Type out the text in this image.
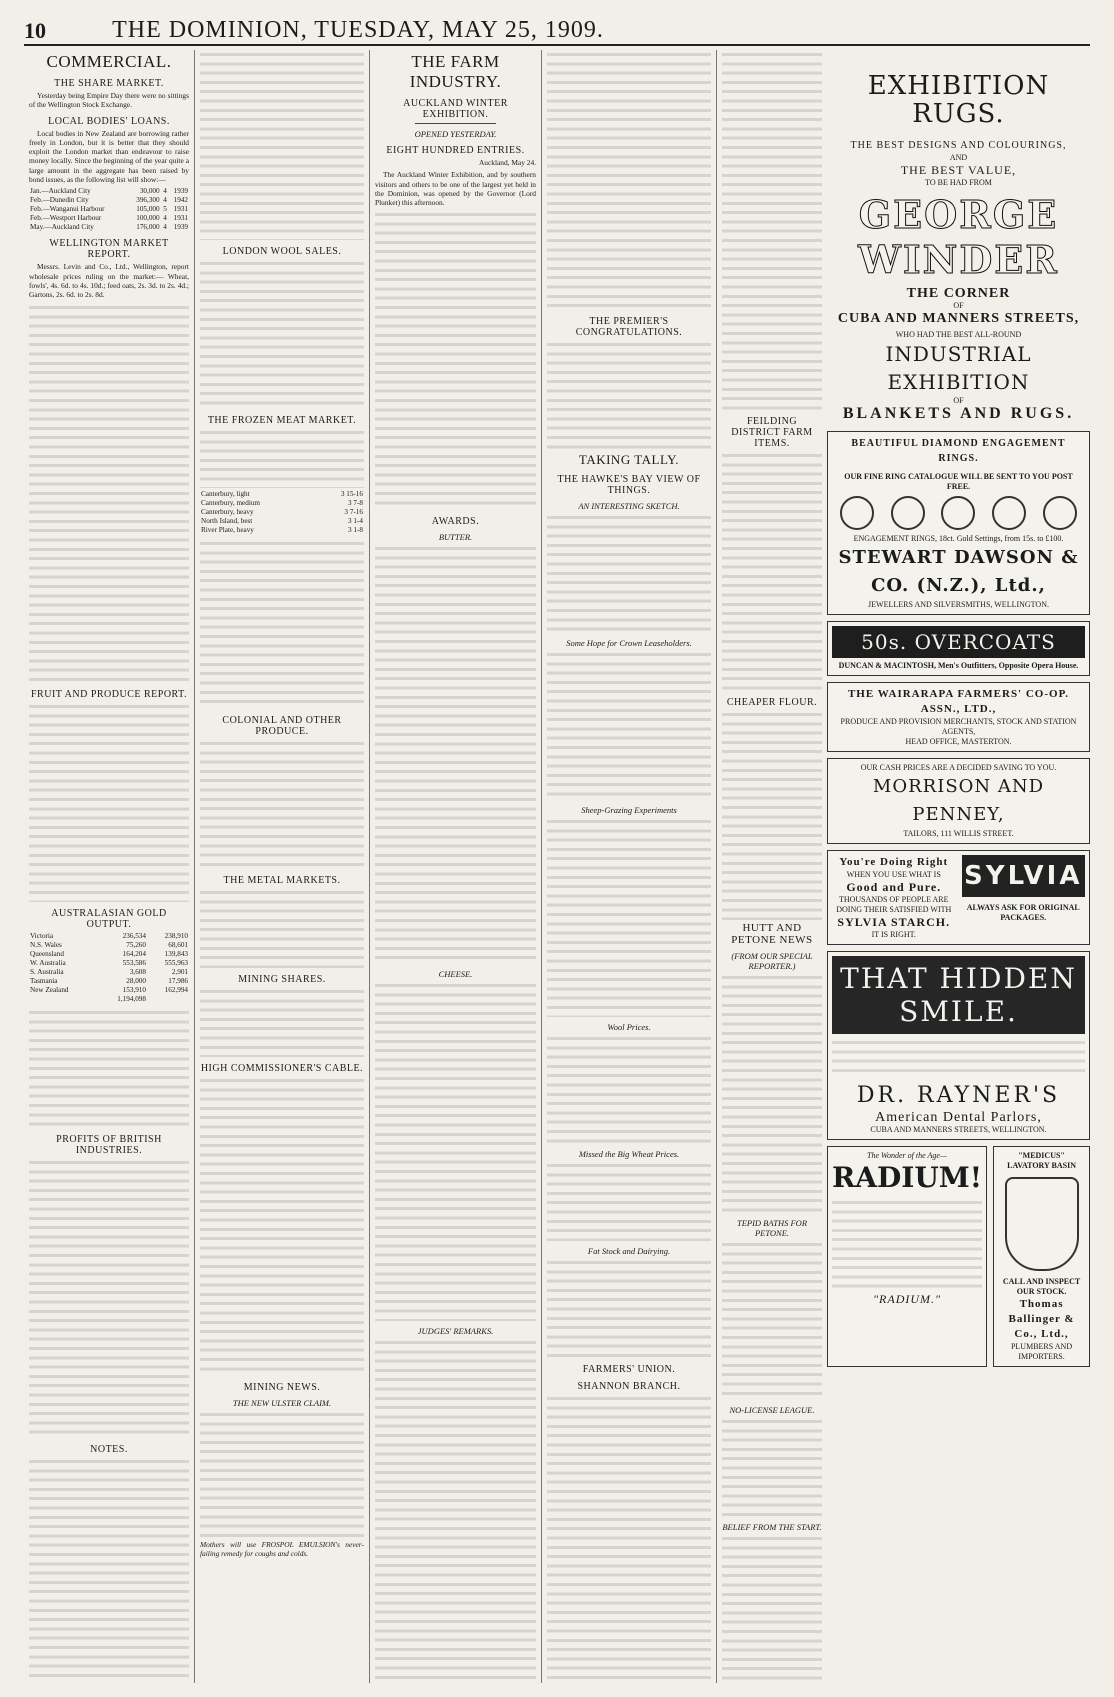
10	THE DOMINION, TUESDAY, MAY 25, 1909.
COMMERCIAL.
THE SHARE MARKET.

Yesterday being Empire Day there were no sittings of the Wellington Stock Exchange.

LOCAL BODIES' LOANS.

Local bodies in New Zealand are borrowing rather freely in London, but it is better that they should exploit the London market than endeavour to raise money locally. Since the beginning of the year quite a large amount in the aggregate has been raised by bond issues, as the following list will show:—

Jan.—Auckland City	30,000	4	1939
Feb.—Dunedin City	396,300	4	1942
Feb.—Wanganui Harbour	105,000	5	1931
Feb.—Westport Harbour	100,000	4	1931
May.—Auckland City	176,000	4	1939
WELLINGTON MARKET REPORT.

Messrs. Levin and Co., Ltd., Wellington, report wholesale prices ruling on the market:— Wheat, fowls', 4s. 6d. to 4s. 10d.; feed oats, 2s. 3d. to 2s. 4d.; Gartons, 2s. 6d. to 2s. 8d.

FRUIT AND PRODUCE REPORT.
AUSTRALASIAN GOLD OUTPUT.
Victoria	236,534	238,910
N.S. Wales	75,260	68,601
Queensland	164,204	139,843
W. Australia	553,586	555,963
S. Australia	3,608	2,901
Tasmania	28,000	17,986
New Zealand	153,910	162,994
	1,194,098	
PROFITS OF BRITISH INDUSTRIES.
NOTES.
LONDON WOOL SALES.
THE FROZEN MEAT MARKET.
Canterbury, light	3 15-16
Canterbury, medium	3 7-8
Canterbury, heavy	3 7-16
North Island, best	3 1-4
River Plate, heavy	3 1-8
COLONIAL AND OTHER PRODUCE.
THE METAL MARKETS.
MINING SHARES.
HIGH COMMISSIONER'S CABLE.
MINING NEWS.
THE NEW ULSTER CLAIM.

Mothers will use FROSPOL EMULSION's never-failing remedy for coughs and colds.

THE FARM INDUSTRY.
AUCKLAND WINTER EXHIBITION.
OPENED YESTERDAY.
EIGHT HUNDRED ENTRIES.

Auckland, May 24.

The Auckland Winter Exhibition, and by southern visitors and others to be one of the largest yet held in the Dominion, was opened by the Governor (Lord Plunket) this afternoon.

AWARDS.
BUTTER.
CHEESE.
JUDGES' REMARKS.
THE PREMIER'S CONGRATULATIONS.
TAKING TALLY.
THE HAWKE'S BAY VIEW OF THINGS.
AN INTERESTING SKETCH.
Some Hope for Crown Leaseholders.
Sheep-Grazing Experiments
Wool Prices.
Missed the Big Wheat Prices.
Fat Stock and Dairying.
FARMERS' UNION.
SHANNON BRANCH.
FEILDING DISTRICT FARM ITEMS.
CHEAPER FLOUR.
HUTT AND PETONE NEWS
(FROM OUR SPECIAL REPORTER.)
TEPID BATHS FOR PETONE.
NO-LICENSE LEAGUE.
BELIEF FROM THE START.
EXHIBITION RUGS.
THE BEST DESIGNS AND COLOURINGS,
AND
THE BEST VALUE,
TO BE HAD FROM
GEORGE WINDER
THE CORNER
OF
CUBA AND MANNERS STREETS,
WHO HAD THE BEST ALL-ROUND
INDUSTRIAL EXHIBITION
OF
BLANKETS AND RUGS.
BEAUTIFUL DIAMOND ENGAGEMENT RINGS.
OUR FINE RING CATALOGUE WILL BE SENT TO YOU POST FREE.
ENGAGEMENT RINGS, 18ct. Gold Settings, from 15s. to £100.
STEWART DAWSON & CO. (N.Z.), Ltd.,
JEWELLERS AND SILVERSMITHS, WELLINGTON.
50s. OVERCOATS
DUNCAN & MACINTOSH, Men's Outfitters, Opposite Opera House.
THE WAIRARAPA FARMERS' CO-OP. ASSN., LTD.,
PRODUCE AND PROVISION MERCHANTS, STOCK AND STATION AGENTS,
HEAD OFFICE, MASTERTON.
OUR CASH PRICES ARE A DECIDED SAVING TO YOU.
MORRISON AND PENNEY,
TAILORS, 111 WILLIS STREET.
You're Doing Right
WHEN YOU USE WHAT IS
Good and Pure.
THOUSANDS OF PEOPLE ARE DOING THEIR SATISFIED WITH
SYLVIA STARCH.
IT IS RIGHT.
SYLVIA
ALWAYS ASK FOR ORIGINAL PACKAGES.
THAT HIDDEN SMILE.
DR. RAYNER'S
American Dental Parlors,
CUBA AND MANNERS STREETS, WELLINGTON.
The Wonder of the Age—
RADIUM!
"RADIUM."
"MEDICUS" LAVATORY BASIN
CALL AND INSPECT OUR STOCK.
Thomas Ballinger & Co., Ltd.,
PLUMBERS AND IMPORTERS.
